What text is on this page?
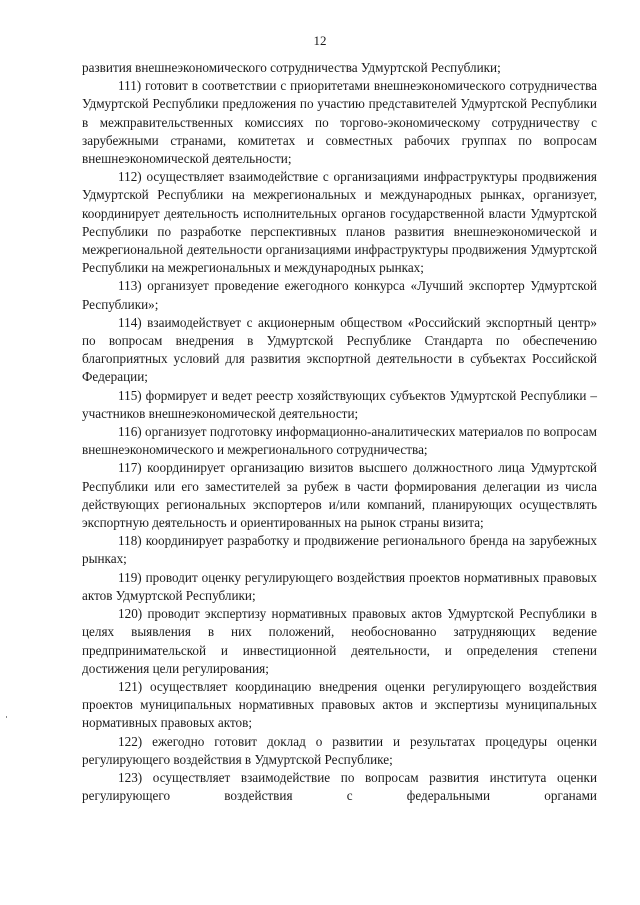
12

развития внешнеэкономического сотрудничества Удмуртской Республики;

111) готовит в соответствии с приоритетами внешнеэкономического сотрудничества Удмуртской Республики предложения по участию представителей Удмуртской Республики в межправительственных комиссиях по торгово-экономическому сотрудничеству с зарубежными странами, комитетах и совместных рабочих группах по вопросам внешнеэкономической деятельности;

112) осуществляет взаимодействие с организациями инфраструктуры продвижения Удмуртской Республики на межрегиональных и международных рынках, организует, координирует деятельность исполнительных органов государственной власти Удмуртской Республики по разработке перспективных планов развития внешнеэкономической и межрегиональной деятельности организациями инфраструктуры продвижения Удмуртской Республики на межрегиональных и международных рынках;

113) организует проведение ежегодного конкурса «Лучший экспортер Удмуртской Республики»;

114) взаимодействует с акционерным обществом «Российский экспортный центр» по вопросам внедрения в Удмуртской Республике Стандарта по обеспечению благоприятных условий для развития экспортной деятельности в субъектах Российской Федерации;

115) формирует и ведет реестр хозяйствующих субъектов Удмуртской Республики – участников внешнеэкономической деятельности;

116) организует подготовку информационно-аналитических материалов по вопросам внешнеэкономического и межрегионального сотрудничества;

117) координирует организацию визитов высшего должностного лица Удмуртской Республики или его заместителей за рубеж в части формирования делегации из числа действующих региональных экспортеров и/или компаний, планирующих осуществлять экспортную деятельность и ориентированных на рынок страны визита;

118) координирует разработку и продвижение регионального бренда на зарубежных рынках;

119) проводит оценку регулирующего воздействия проектов нормативных правовых актов Удмуртской Республики;

120) проводит экспертизу нормативных правовых актов Удмуртской Республики в целях выявления в них положений, необоснованно затрудняющих ведение предпринимательской и инвестиционной деятельности, и определения степени достижения цели регулирования;

121) осуществляет координацию внедрения оценки регулирующего воздействия проектов муниципальных нормативных правовых актов и экспертизы муниципальных нормативных правовых актов;

122) ежегодно готовит доклад о развитии и результатах процедуры оценки регулирующего воздействия в Удмуртской Республике;

123) осуществляет взаимодействие по вопросам развития института оценки регулирующего воздействия с федеральными органами
